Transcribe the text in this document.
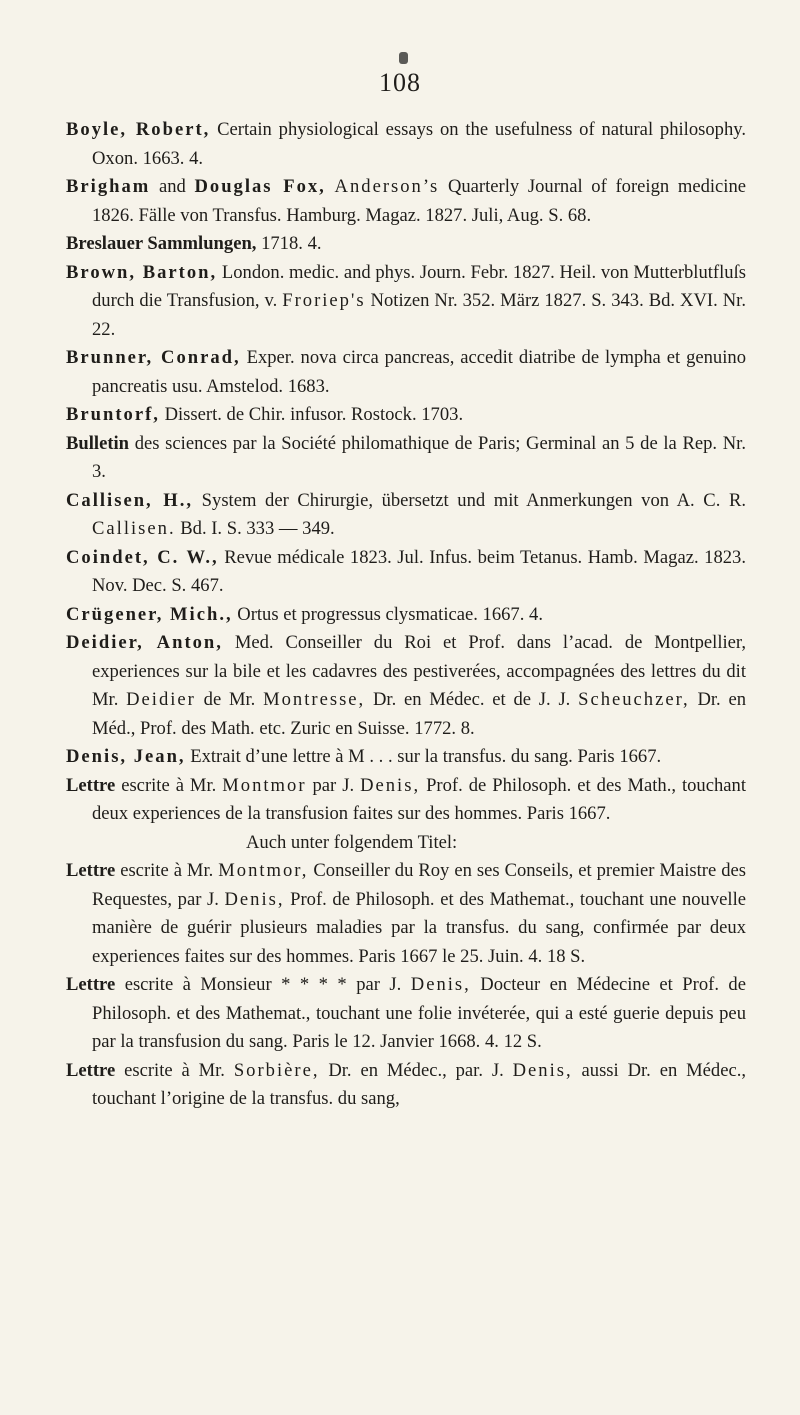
108
Boyle, Robert, Certain physiological essays on the usefulness of natural philosophy. Oxon. 1663. 4.
Brigham and Douglas Fox, Anderson’s Quarterly Journal of foreign medicine 1826. Fälle von Transfus. Hamburg. Magaz. 1827. Juli, Aug. S. 68.
Breslauer Sammlungen, 1718. 4.
Brown, Barton, London. medic. and phys. Journ. Febr. 1827. Heil. von Mutterblutfluſs durch die Transfusion, v. Froriep's Notizen Nr. 352. März 1827. S. 343. Bd. XVI. Nr. 22.
Brunner, Conrad, Exper. nova circa pancreas, accedit diatribe de lympha et genuino pancreatis usu. Amstelod. 1683.
Bruntorf, Dissert. de Chir. infusor. Rostock. 1703.
Bulletin des sciences par la Société philomathique de Paris; Germinal an 5 de la Rep. Nr. 3.
Callisen, H., System der Chirurgie, übersetzt und mit Anmerkungen von A. C. R. Callisen. Bd. I. S. 333 — 349.
Coindet, C. W., Revue médicale 1823. Jul. Infus. beim Tetanus. Hamb. Magaz. 1823. Nov. Dec. S. 467.
Crügener, Mich., Ortus et progressus clysmaticae. 1667. 4.
Deidier, Anton, Med. Conseiller du Roi et Prof. dans l’acad. de Montpellier, experiences sur la bile et les cadavres des pestiverées, accompagnées des lettres du dit Mr. Deidier de Mr. Montresse, Dr. en Médec. et de J. J. Scheuchzer, Dr. en Méd., Prof. des Math. etc. Zuric en Suisse. 1772. 8.
Denis, Jean, Extrait d’une lettre à M . . . sur la transfus. du sang. Paris 1667.
Lettre escrite à Mr. Montmor par J. Denis, Prof. de Philosoph. et des Math., touchant deux experiences de la transfusion faites sur des hommes. Paris 1667.
Auch unter folgendem Titel:
Lettre escrite à Mr. Montmor, Conseiller du Roy en ses Conseils, et premier Maistre des Requestes, par J. Denis, Prof. de Philosoph. et des Mathemat., touchant une nouvelle manière de guérir plusieurs maladies par la transfus. du sang, confirmée par deux experiences faites sur des hommes. Paris 1667 le 25. Juin. 4. 18 S.
Lettre escrite à Monsieur * * * * par J. Denis, Docteur en Médecine et Prof. de Philosoph. et des Mathemat., touchant une folie invéterée, qui a esté guerie depuis peu par la transfusion du sang. Paris le 12. Janvier 1668. 4. 12 S.
Lettre escrite à Mr. Sorbière, Dr. en Médec., par. J. Denis, aussi Dr. en Médec., touchant l’origine de la transfus. du sang,
